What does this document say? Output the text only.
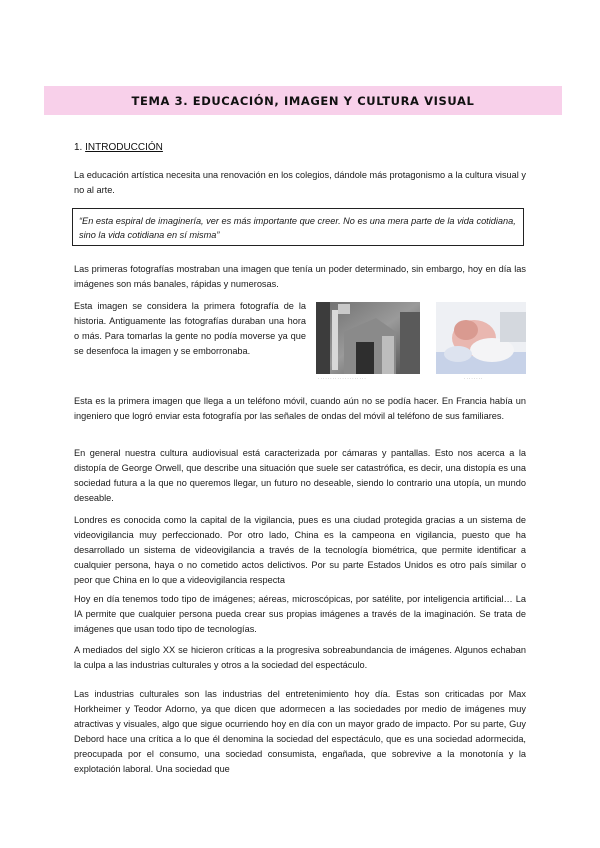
TEMA 3. EDUCACIÓN, IMAGEN Y CULTURA VISUAL
1. INTRODUCCIÓN

La educación artística necesita una renovación en los colegios, dándole más protagonismo a la cultura visual y no al arte.

“En esta espiral de imaginería, ver es más importante que creer. No es una mera parte de la vida cotidiana, sino la vida cotidiana en sí misma”

Las primeras fotografías mostraban una imagen que tenía un poder determinado, sin embargo, hoy en día las imágenes son más banales, rápidas y numerosas.

Esta imagen se considera la primera fotografía de la historia. Antiguamente las fotografías duraban una hora o más. Para tomarlas la gente no podía moverse ya que se desenfoca la imagen y se emborronaba.

· · · · · · · · · · · · · · · · · · · ·	· · · · · · · ·

Esta es la primera imagen que llega a un teléfono móvil, cuando aún no se podía hacer. En Francia había un ingeniero que logró enviar esta fotografía por las señales de ondas del móvil al teléfono de sus familiares.

En general nuestra cultura audiovisual está caracterizada por cámaras y pantallas. Esto nos acerca a la distopía de George Orwell, que describe una situación que suele ser catastrófica, es decir, una distopía es una sociedad futura a la que no queremos llegar, un futuro no deseable, siendo lo contrario una utopía, un mundo deseable.

Londres es conocida como la capital de la vigilancia, pues es una ciudad protegida gracias a un sistema de videovigilancia muy perfeccionado. Por otro lado, China es la campeona en vigilancia, puesto que ha desarrollado un sistema de videovigilancia a través de la tecnología biométrica, que permite identificar a cualquier persona, haya o no cometido actos delictivos. Por su parte Estados Unidos es otro país similar o peor que China en lo que a videovigilancia respecta

Hoy en día tenemos todo tipo de imágenes; aéreas, microscópicas, por satélite, por inteligencia artificial… La IA permite que cualquier persona pueda crear sus propias imágenes a través de la imaginación. Se trata de imágenes que usan todo tipo de tecnologías.

A mediados del siglo XX se hicieron críticas a la progresiva sobreabundancia de imágenes. Algunos echaban la culpa a las industrias culturales y otros a la sociedad del espectáculo.

Las industrias culturales son las industrias del entretenimiento hoy día. Estas son criticadas por Max Horkheimer y Teodor Adorno, ya que dicen que adormecen a las sociedades por medio de imágenes muy atractivas y visuales, algo que sigue ocurriendo hoy en día con un mayor grado de impacto. Por su parte, Guy Debord hace una crítica a lo que él denomina la sociedad del espectáculo, que es una sociedad adormecida, preocupada por el consumo, una sociedad consumista, engañada, que sobrevive a la monotonía y la explotación laboral. Una sociedad que
